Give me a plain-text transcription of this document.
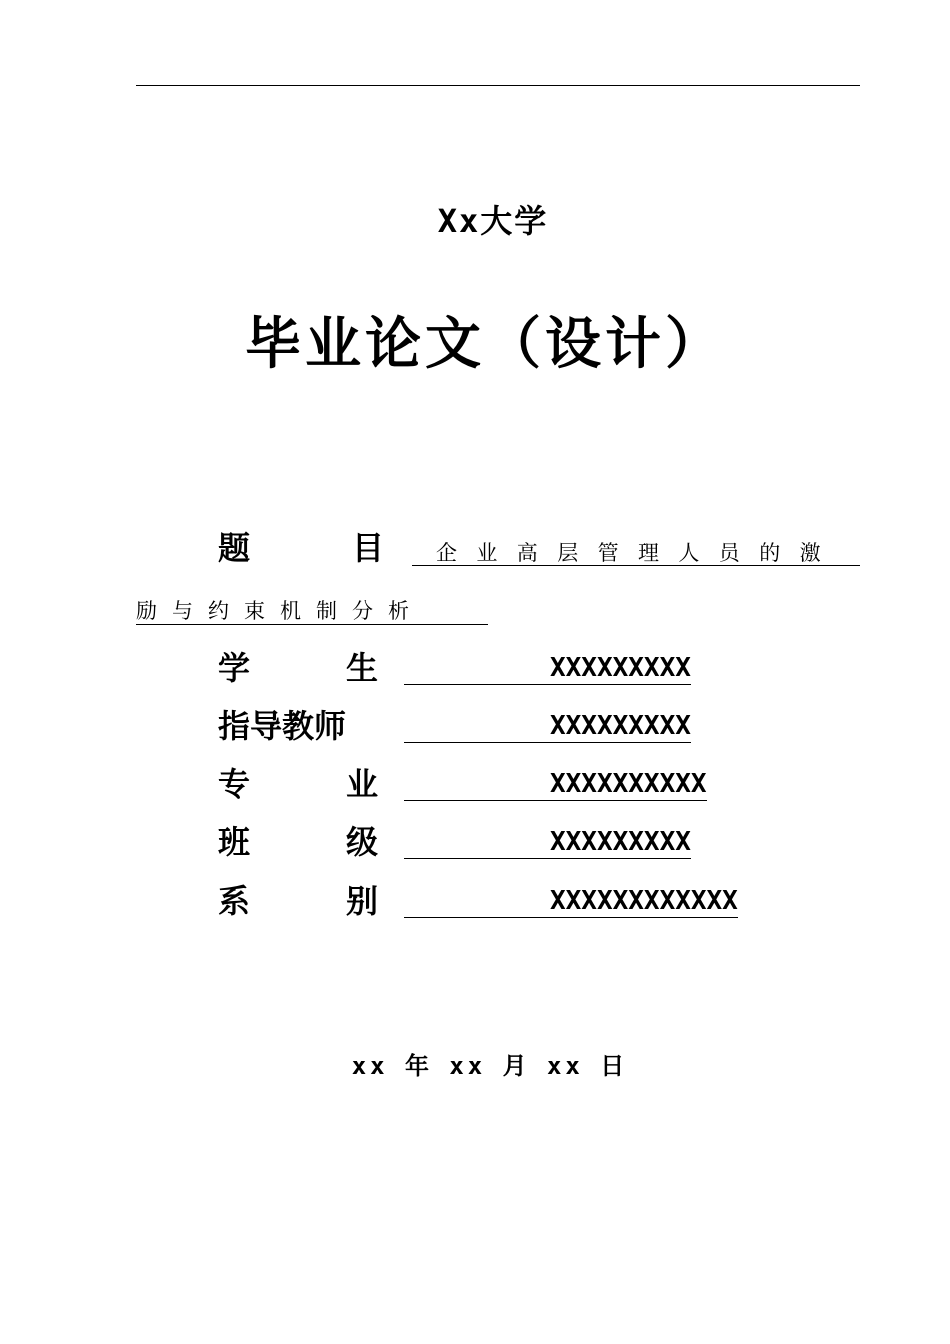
Xx大学
毕业论文（设计）
题	目	企业高层管理人员的激
励与约束机制分析
学	生	XXXXXXXXX
指导教师	XXXXXXXXX
专	业	XXXXXXXXXX
班	级	XXXXXXXXX
系	别	XXXXXXXXXXXX
xx 年 xx 月 xx 日
